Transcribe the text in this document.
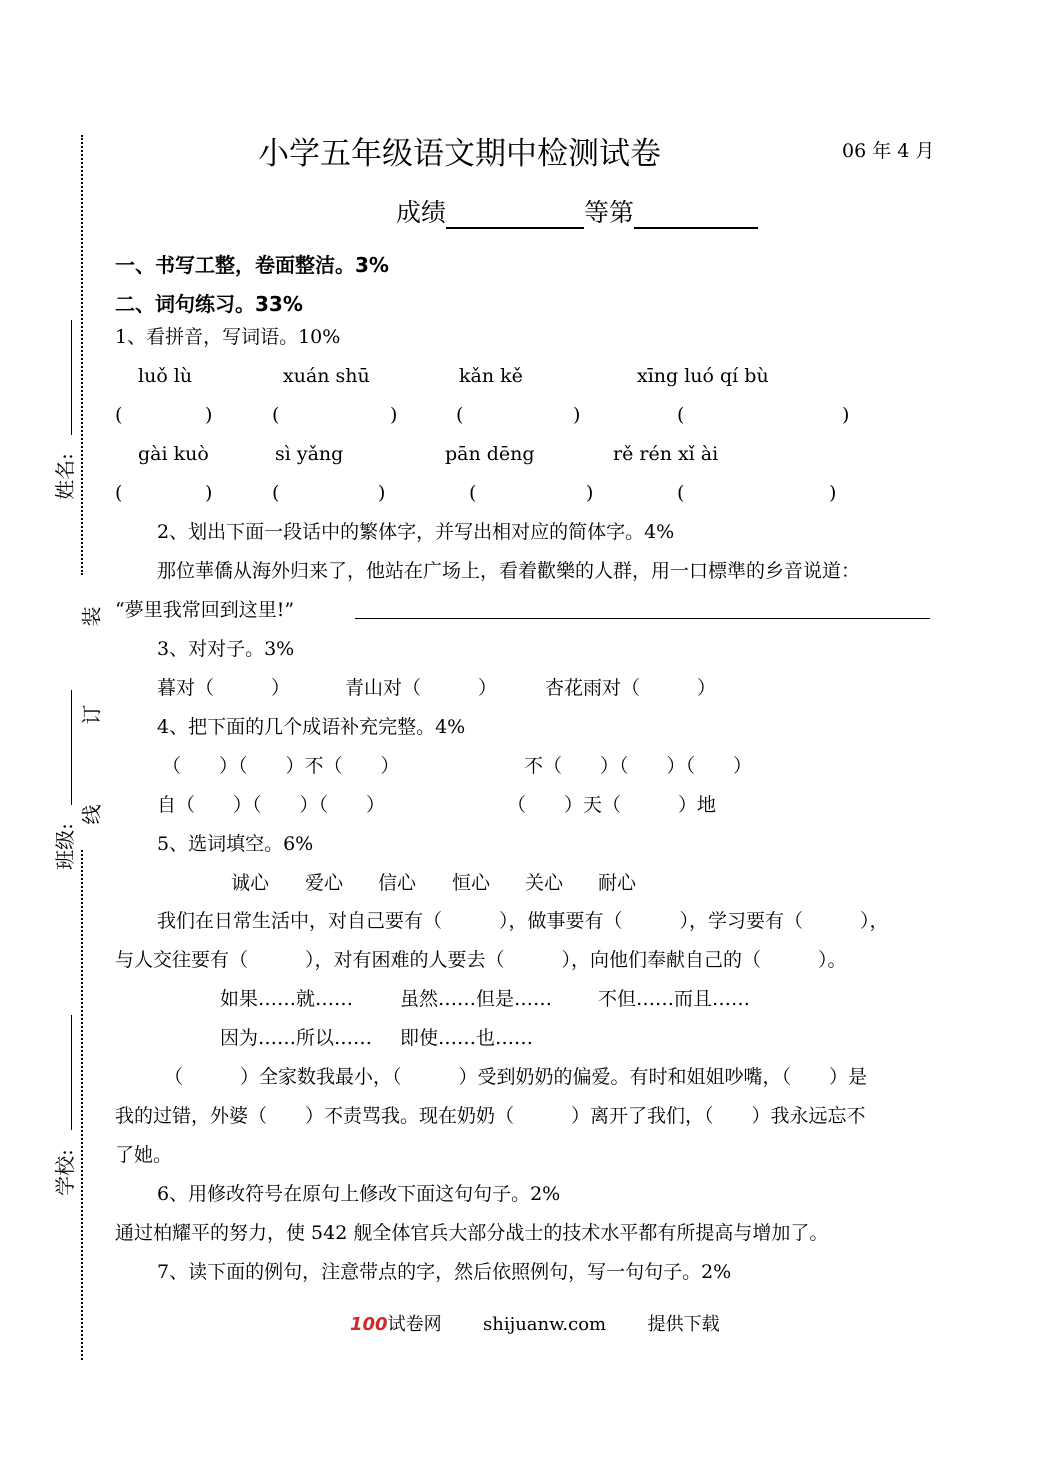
姓名:
班级:
学校:
装
订
线
小学五年级语文期中检测试卷	06 年 4 月
成绩	等第
一、书写工整，卷面整洁。3%
二、词句练习。33%
1、看拼音，写词语。10%
luǒ lù	xuán shū	kǎn kě	xīng luó qí bù
(	)	(	)	(	)	(	)
gài kuò	sì yǎng	pān dēng	rě rén xǐ ài
(	)	(	)	(	)	(	)
2、划出下面一段话中的繁体字，并写出相对应的简体字。4%
那位華僑从海外归来了，他站在广场上，看着歡樂的人群，用一口標準的乡音说道：
“夢里我常回到这里!”
3、对对子。3%
暮对（　　　）	青山对（　　　）	杏花雨对（　　　）
4、把下面的几个成语补充完整。4%
（　　）（　　）不（　　）	不（　　）（　　）（　　）
自（　　）（　　）（　　）	（　　）天（　　　）地
5、选词填空。6%
诚心 爱心 信心 恒心 关心 耐心
我们在日常生活中，对自己要有（　　　），做事要有（　　　），学习要有（　　　），
与人交往要有（　　　），对有困难的人要去（　　　），向他们奉献自己的（　　　）。
如果……就…… 虽然……但是…… 不但……而且……
因为……所以…… 即使……也……
（　　　）全家数我最小，（　　　）受到奶奶的偏爱。有时和姐姐吵嘴，（　　）是
我的过错，外婆（　　）不责骂我。现在奶奶（　　　）离开了我们，（　　）我永远忘不
了她。
6、用修改符号在原句上修改下面这句句子。2%
通过柏耀平的努力，使 542 舰全体官兵大部分战士的技术水平都有所提高与增加了。
7、读下面的例句，注意带点的字，然后依照例句，写一句句子。2%
100试卷网 shijuanw.com 提供下载
